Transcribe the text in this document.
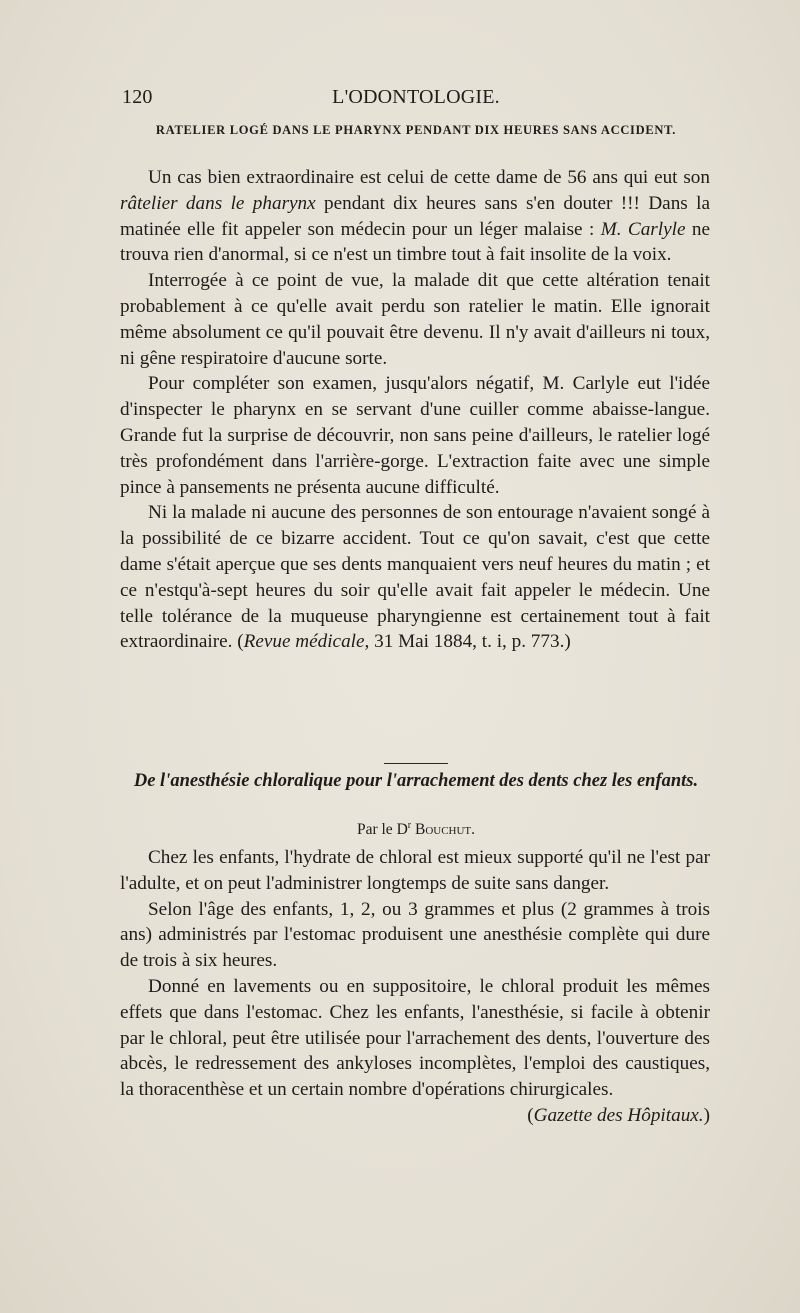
120	L'ODONTOLOGIE.
RATELIER LOGÉ DANS LE PHARYNX PENDANT DIX HEURES SANS ACCIDENT.

Un cas bien extraordinaire est celui de cette dame de 56 ans qui eut son râtelier dans le pharynx pendant dix heures sans s'en douter !!! Dans la matinée elle fit appeler son médecin pour un léger malaise : M. Carlyle ne trouva rien d'anormal, si ce n'est un timbre tout à fait insolite de la voix.

Interrogée à ce point de vue, la malade dit que cette altération tenait probablement à ce qu'elle avait perdu son ratelier le matin. Elle ignorait même absolument ce qu'il pouvait être devenu. Il n'y avait d'ailleurs ni toux, ni gêne respiratoire d'aucune sorte.

Pour compléter son examen, jusqu'alors négatif, M. Carlyle eut l'idée d'inspecter le pharynx en se servant d'une cuiller comme abaisse-langue. Grande fut la surprise de découvrir, non sans peine d'ailleurs, le ratelier logé très profondément dans l'arrière-gorge. L'extraction faite avec une simple pince à pansements ne présenta aucune difficulté.

Ni la malade ni aucune des personnes de son entourage n'avaient songé à la possibilité de ce bizarre accident. Tout ce qu'on savait, c'est que cette dame s'était aperçue que ses dents manquaient vers neuf heures du matin ; et ce n'estqu'à-sept heures du soir qu'elle avait fait appeler le médecin. Une telle tolérance de la muqueuse pharyngienne est certainement tout à fait extraordinaire. (Revue médicale, 31 Mai 1884, t. i, p. 773.)

De l'anesthésie chloralique pour l'arrachement des dents chez les enfants.
Par le $D^r$ Bouchut.

Chez les enfants, l'hydrate de chloral est mieux supporté qu'il ne l'est par l'adulte, et on peut l'administrer longtemps de suite sans danger.

Selon l'âge des enfants, 1, 2, ou 3 grammes et plus (2 grammes à trois ans) administrés par l'estomac produisent une anesthésie complète qui dure de trois à six heures.

Donné en lavements ou en suppositoire, le chloral produit les mêmes effets que dans l'estomac. Chez les enfants, l'anesthésie, si facile à obtenir par le chloral, peut être utilisée pour l'arrachement des dents, l'ouverture des abcès, le redressement des ankyloses incomplètes, l'emploi des caustiques, la thoracenthèse et un certain nombre d'opérations chirurgicales.
(Gazette des Hôpitaux.)
